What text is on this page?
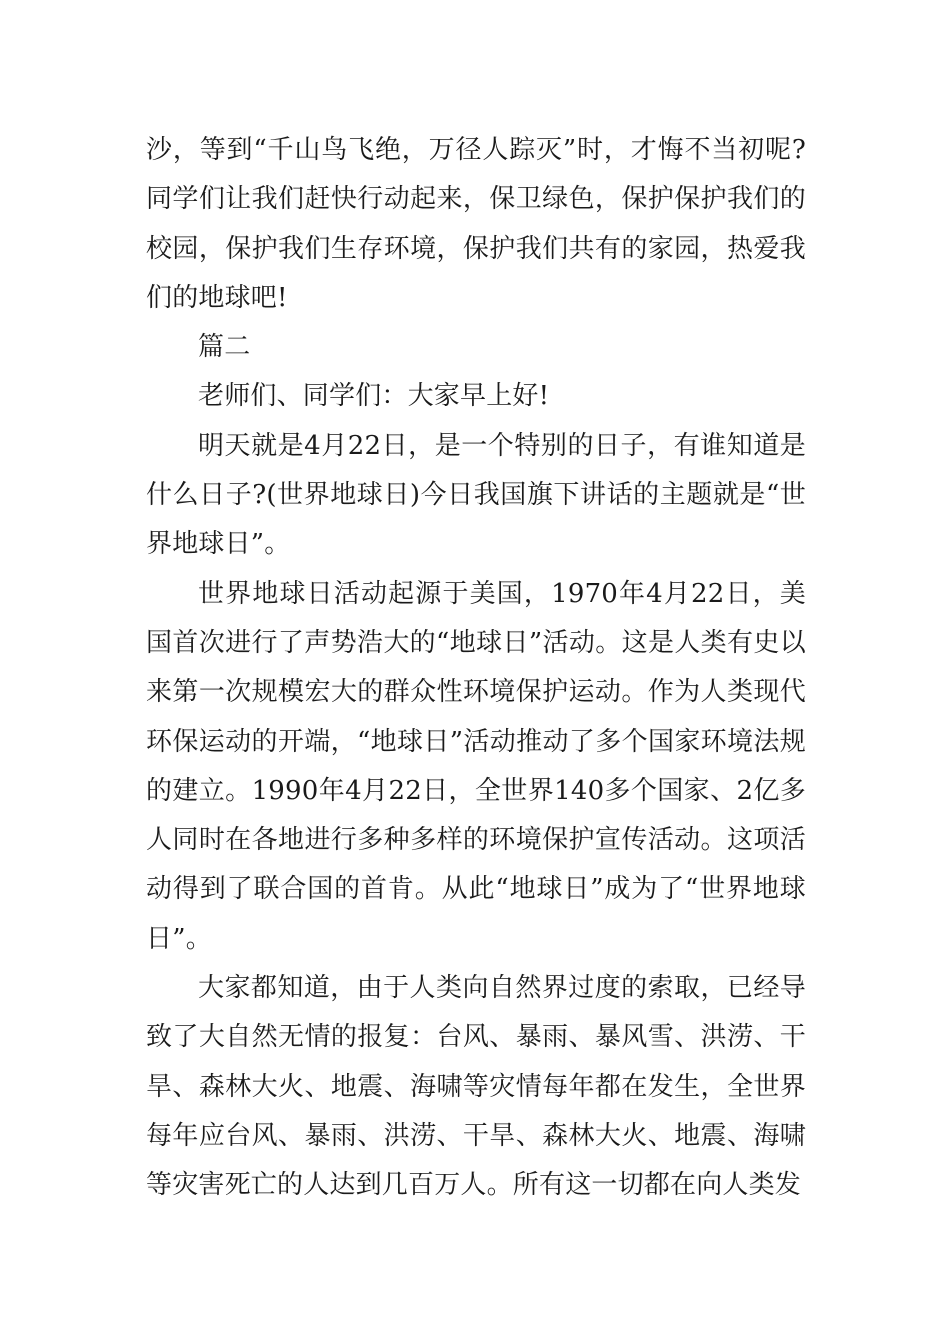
沙，等到“千山鸟飞绝，万径人踪灭”时，才悔不当初呢?同学们让我们赶快行动起来，保卫绿色，保护保护我们的校园，保护我们生存环境，保护我们共有的家园，热爱我们的地球吧!

篇二

老师们、同学们：大家早上好!

明天就是4月22日，是一个特别的日子，有谁知道是什么日子?(世界地球日)今日我国旗下讲话的主题就是“世界地球日”。

世界地球日活动起源于美国，1970年4月22日，美国首次进行了声势浩大的“地球日”活动。这是人类有史以来第一次规模宏大的群众性环境保护运动。作为人类现代环保运动的开端，“地球日”活动推动了多个国家环境法规的建立。1990年4月22日，全世界140多个国家、2亿多人同时在各地进行多种多样的环境保护宣传活动。这项活动得到了联合国的首肯。从此“地球日”成为了“世界地球日”。

大家都知道，由于人类向自然界过度的索取，已经导致了大自然无情的报复：台风、暴雨、暴风雪、洪涝、干旱、森林大火、地震、海啸等灾情每年都在发生，全世界每年应台风、暴雨、洪涝、干旱、森林大火、地震、海啸等灾害死亡的人达到几百万人。所有这一切都在向人类发
